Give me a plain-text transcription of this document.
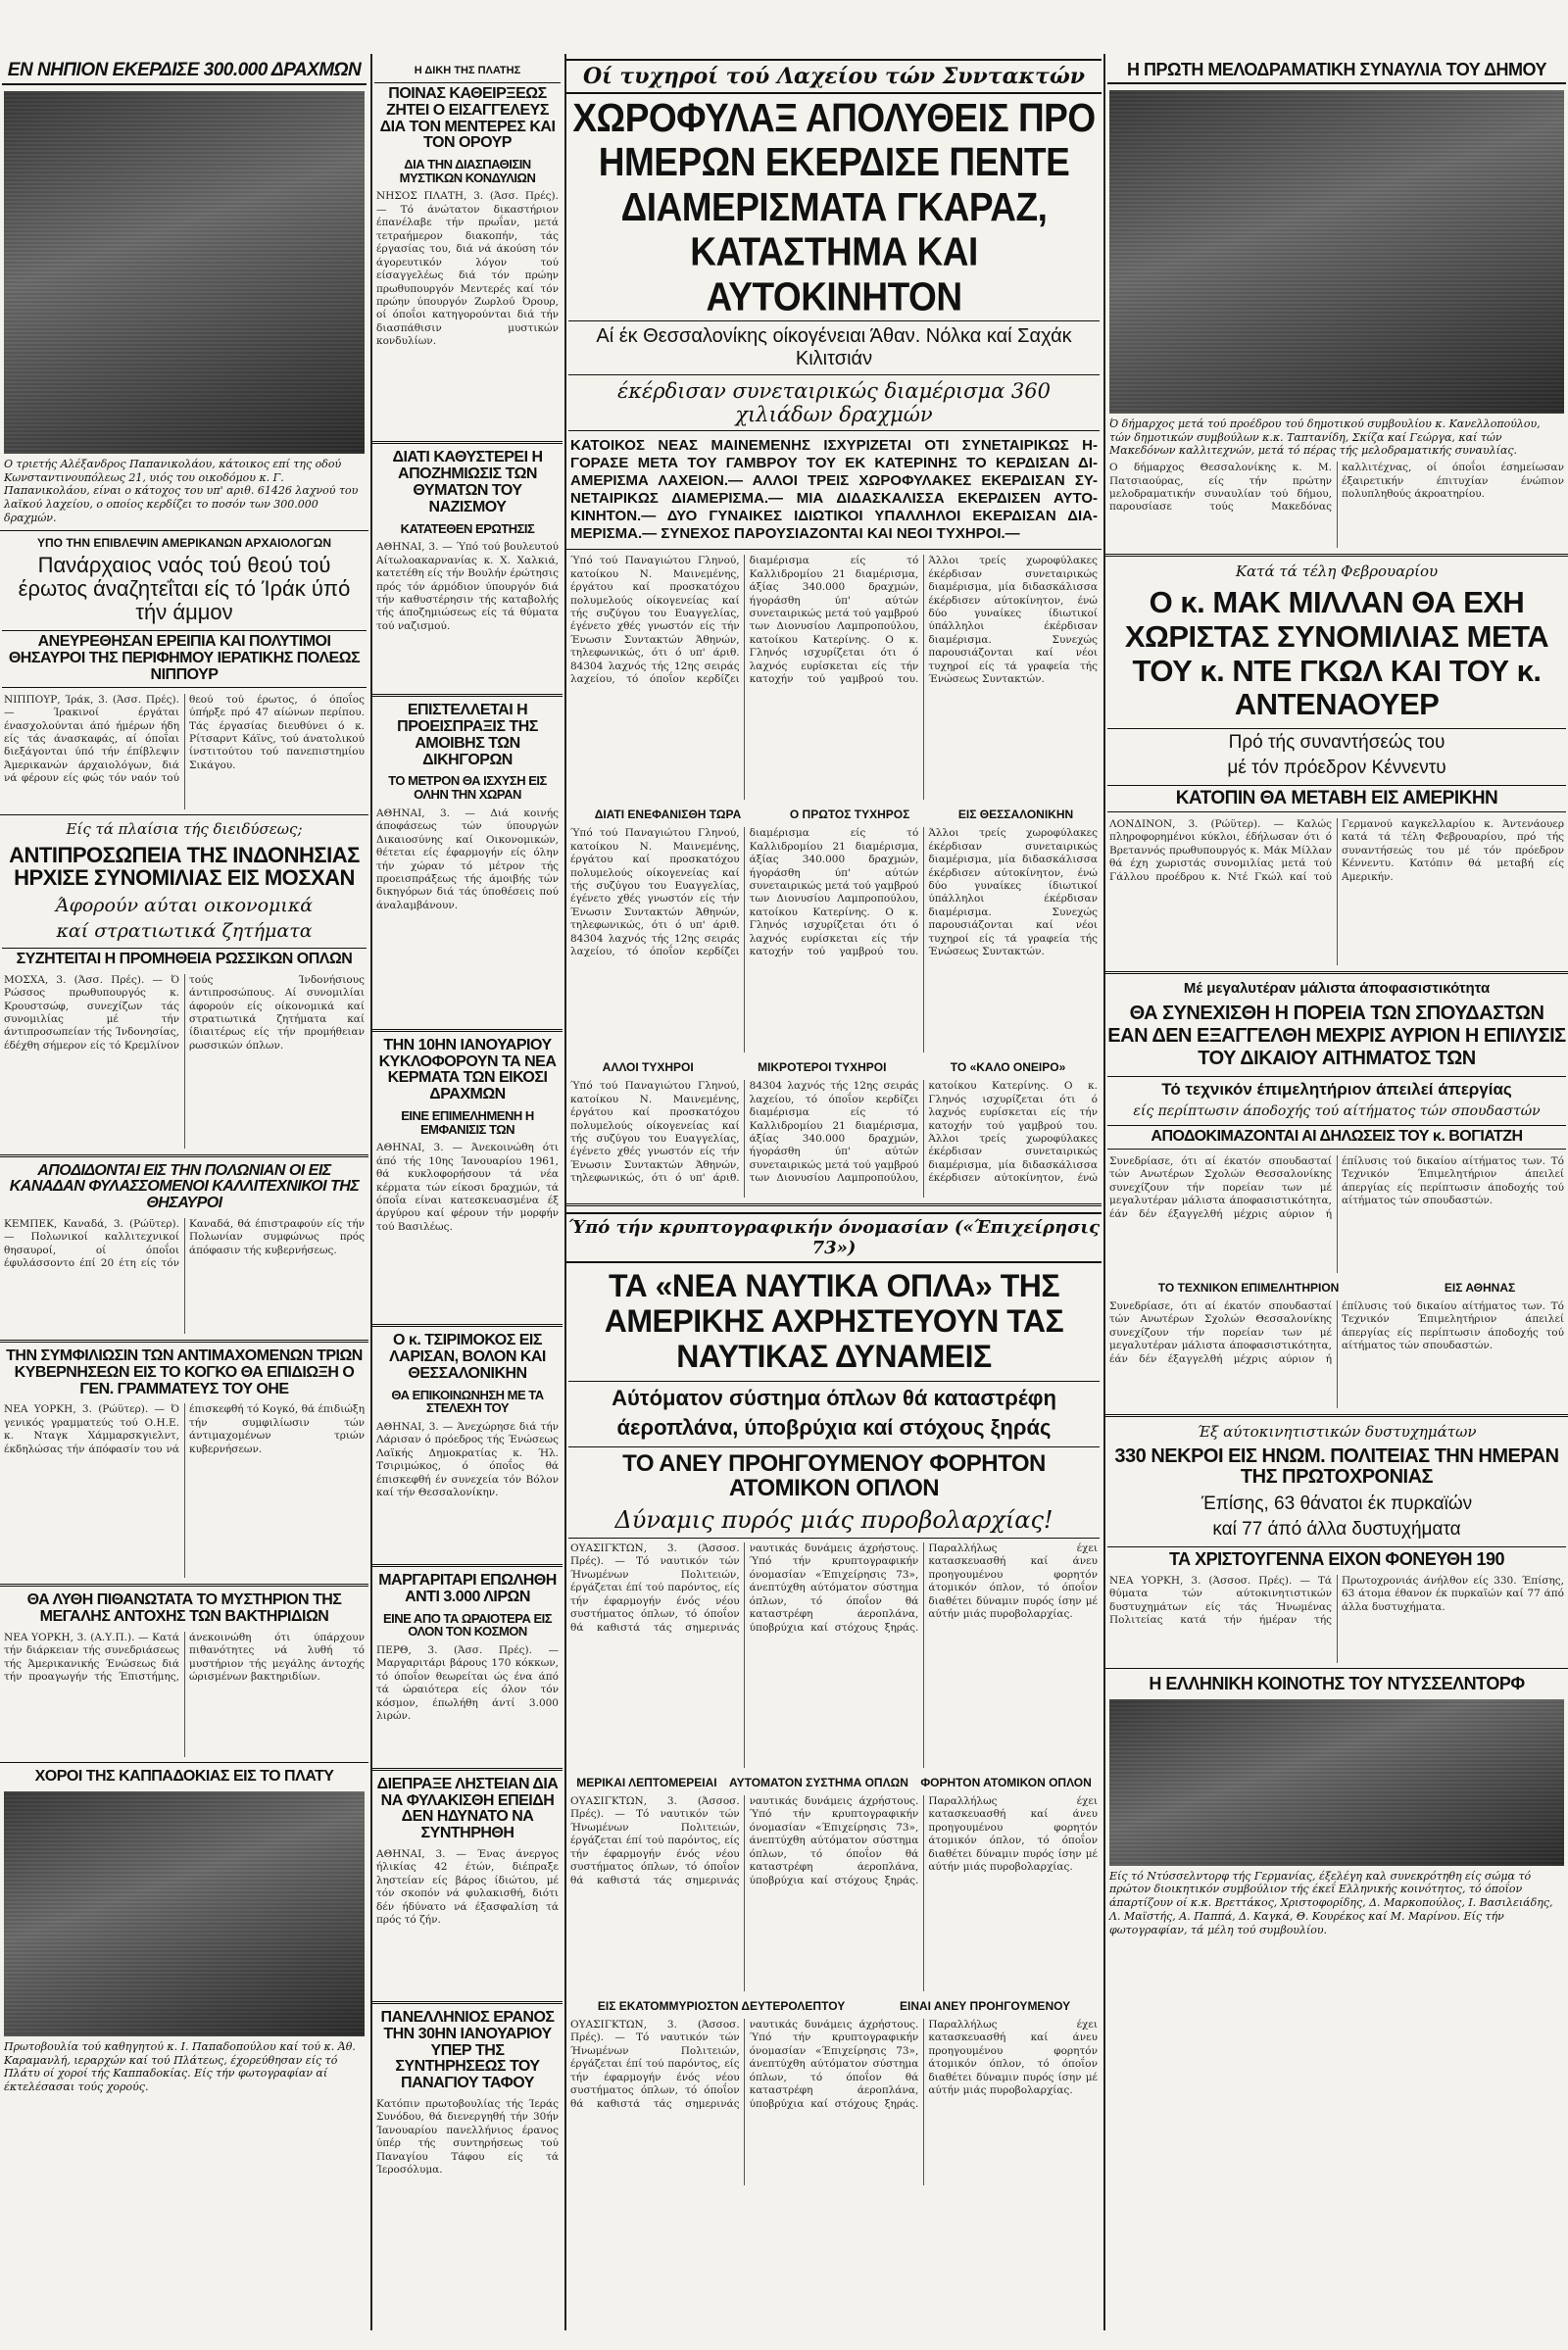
ΕΝ ΝΗΠΙΟΝ ΕΚΕΡΔΙΣΕ 300.000 ΔΡΑΧΜΩΝ
Ο τριετής Αλέξανδρος Παπανικολάου, κάτοικος επί της οδού Κωνσταντινουπόλεως 21, υιός του οικοδόμου κ. Γ. Παπανικολάου, είναι ο κάτοχος του υπ' αριθ. 61426 λαχνού του λαϊκού λαχείου, ο οποίος κερδίζει το ποσόν των 300.000 δραχμών.
ΥΠΟ ΤΗΝ ΕΠΙΒΛΕΨΙΝ ΑΜΕΡΙΚΑΝΩΝ ΑΡΧΑΙΟΛΟΓΩΝ
Πανάρχαιος ναός τού θεού τού έρωτος άναζητεΐται είς τό Ίράκ ύπό τήν άμμον
ΑΝΕΥΡΕΘΗΣΑΝ ΕΡΕΙΠΙΑ ΚΑΙ ΠΟΛΥΤΙΜΟΙ ΘΗΣΑΥΡΟΙ ΤΗΣ ΠΕΡΙΦΗΜΟΥ ΙΕΡΑΤΙΚΗΣ ΠΟΛΕΩΣ ΝΙΠΠΟΥΡ
ΝΙΠΠΟΥΡ, Ίράκ, 3. (Άσσ. Πρές). — Ίρακινοί έργάται ένασχολούνται άπό ήμέρων ήδη είς τάς άνασκαφάς, αί όποΐαι διεξάγονται ύπό τήν έπίβλεψιν Άμερικανών άρχαιολόγων, διά νά φέρουν είς φώς τόν ναόν τού θεού τού έρωτος, ό όποΐος ύπήρξε πρό 47 αίώνων περίπου. Τάς έργασίας διευθύνει ό κ. Ρίτσαρντ Κάϊνς, τού άνατολικού ίνστιτούτου τού πανεπιστημίου Σικάγου.
Είς τά πλαίσια τής διειδύσεως;
ΑΝΤΙΠΡΟΣΩΠΕΙΑ ΤΗΣ ΙΝΔΟΝΗΣΙΑΣ ΗΡΧΙΣΕ ΣΥΝΟΜΙΛΙΑΣ ΕΙΣ ΜΟΣΧΑΝ
Άφορούν αύται οικονομικά
καί στρατιωτικά ζητήματα
ΣΥΖΗΤΕΙΤΑΙ Η ΠΡΟΜΗΘΕΙΑ ΡΩΣΣΙΚΩΝ ΟΠΛΩΝ
ΜΟΣΧΑ, 3. (Άσσ. Πρές). — Ό Ρώσσος πρωθυπουργός κ. Κρουστσώφ, συνεχίζων τάς συνομιλίας μέ τήν άντιπροσωπείαν τής Ίνδονησίας, έδέχθη σήμερον είς τό Κρεμλίνον τούς Ίνδονήσιους άντιπροσώπους. Αί συνομιλίαι άφορούν είς οίκονομικά καί στρατιωτικά ζητήματα καί ίδιαιτέρως είς τήν προμήθειαν ρωσσικών όπλων.
ΑΠΟΔΙΔΟΝΤΑΙ ΕΙΣ ΤΗΝ ΠΟΛΩΝΙΑΝ ΟΙ ΕΙΣ ΚΑΝΑΔΑΝ ΦΥΛΑΣΣΟΜΕΝΟΙ ΚΑΛΛΙΤΕΧΝΙΚΟΙ ΤΗΣ ΘΗΣΑΥΡΟΙ
ΚΕΜΠΕΚ, Καναδά, 3. (Ρώϋτερ). — Πολωνικοί καλλιτεχνικοί θησαυροί, οί όποΐοι έφυλάσσοντο έπί 20 έτη είς τόν Καναδά, θά έπιστραφούν είς τήν Πολωνίαν συμφώνως πρός άπόφασιν τής κυβερνήσεως.
ΤΗΝ ΣΥΜΦΙΛΙΩΣΙΝ ΤΩΝ ΑΝΤΙΜΑΧΟΜΕΝΩΝ ΤΡΙΩΝ ΚΥΒΕΡΝΗΣΕΩΝ ΕΙΣ ΤΟ ΚΟΓΚΟ ΘΑ ΕΠΙΔΙΩΞΗ Ο ΓΕΝ. ΓΡΑΜΜΑΤΕΥΣ ΤΟΥ ΟΗΕ
ΝΕΑ ΥΟΡΚΗ, 3. (Ρώϋτερ). — Ό γενικός γραμματεύς τού Ο.Η.Ε. κ. Νταγκ Χάμμαρσκγιελντ, έκδηλώσας τήν άπόφασίν του νά έπισκεφθή τό Κογκό, θά έπιδιώξη τήν συμφιλίωσιν τών άντιμαχομένων τριών κυβερνήσεων.
ΘΑ ΛΥΘΗ ΠΙΘΑΝΩΤΑΤΑ ΤΟ ΜΥΣΤΗΡΙΟΝ ΤΗΣ ΜΕΓΑΛΗΣ ΑΝΤΟΧΗΣ ΤΩΝ ΒΑΚΤΗΡΙΔΙΩΝ
ΝΕΑ ΥΟΡΚΗ, 3. (Α.Υ.Π.). — Κατά τήν διάρκειαν τής συνεδριάσεως τής Άμερικανικής Ένώσεως διά τήν προαγωγήν τής Έπιστήμης, άνεκοινώθη ότι ύπάρχουν πιθανότητες νά λυθή τό μυστήριον τής μεγάλης άντοχής ώρισμένων βακτηριδίων.
ΧΟΡΟΙ ΤΗΣ ΚΑΠΠΑΔΟΚΙΑΣ ΕΙΣ ΤΟ ΠΛΑΤΥ
Πρωτοβουλία τού καθηγητού κ. Ι. Παπαδοπούλου καί τού κ. Άθ. Καραμανλή, ιεραρχών καί τού Πλάτεως, έχορεύθησαν είς τό Πλάτυ οί χοροί τής Καππαδοκίας. Είς τήν φωτογραφίαν αί έκτελέσασαι τούς χορούς.
Η ΔΙΚΗ ΤΗΣ ΠΛΑΤΗΣ
ΠΟΙΝΑΣ ΚΑΘΕΙΡΞΕΩΣ ΖΗΤΕΙ Ο ΕΙΣΑΓΓΕΛΕΥΣ ΔΙΑ ΤΟΝ ΜΕΝΤΕΡΕΣ ΚΑΙ ΤΟΝ ΟΡΟΥΡ
ΔΙΑ ΤΗΝ ΔΙΑΣΠΑΘΙΣΙΝ ΜΥΣΤΙΚΩΝ ΚΟΝΔΥΛΙΩΝ
ΝΗΣΟΣ ΠΛΑΤΗ, 3. (Άσσ. Πρές). — Τό άνώτατον δικαστήριον έπανέλαβε τήν πρωΐαν, μετά τετραήμερον διακοπήν, τάς έργασίας του, διά νά άκούση τόν άγορευτικόν λόγον τού είσαγγελέως διά τόν πρώην πρωθυπουργόν Μεντερές καί τόν πρώην ύπουργόν Ζωρλού Όρουρ, οί όποΐοι κατηγορούνται διά τήν διασπάθισιν μυστικών κονδυλίων.
ΔΙΑΤΙ ΚΑΘΥΣΤΕΡΕΙ Η ΑΠΟΖΗΜΙΩΣΙΣ ΤΩΝ ΘΥΜΑΤΩΝ ΤΟΥ ΝΑΖΙΣΜΟΥ
ΚΑΤΑΤΕΘΕΝ ΕΡΩΤΗΣΙΣ
ΑΘΗΝΑΙ, 3. — Ύπό τού βουλευτού Αίτωλοακαρνανίας κ. Χ. Χαλκιά, κατετέθη είς τήν Βουλήν έρώτησις πρός τόν άρμόδιον ύπουργόν διά τήν καθυστέρησιν τής καταβολής τής άποζημιώσεως είς τά θύματα τού ναζισμού.
ΕΠΙΣΤΕΛΛΕΤΑΙ Η ΠΡΟΕΙΣΠΡΑΞΙΣ ΤΗΣ ΑΜΟΙΒΗΣ ΤΩΝ ΔΙΚΗΓΟΡΩΝ
ΤΟ ΜΕΤΡΟΝ ΘΑ ΙΣΧΥΣΗ ΕΙΣ ΟΛΗΝ ΤΗΝ ΧΩΡΑΝ
ΑΘΗΝΑΙ, 3. — Διά κοινής άποφάσεως τών ύπουργών Δικαιοσύνης καί Οικονομικών, θέτεται είς έφαρμογήν είς όλην τήν χώραν τό μέτρον τής προεισπράξεως τής άμοιβής τών δικηγόρων διά τάς ύποθέσεις πού άναλαμβάνουν.
ΤΗΝ 10ΗΝ ΙΑΝΟΥΑΡΙΟΥ ΚΥΚΛΟΦΟΡΟΥΝ ΤΑ ΝΕΑ ΚΕΡΜΑΤΑ ΤΩΝ ΕΙΚΟΣΙ ΔΡΑΧΜΩΝ
ΕΙΝΕ ΕΠΙΜΕΛΗΜΕΝΗ Η ΕΜΦΑΝΙΣΙΣ ΤΩΝ
ΑΘΗΝΑΙ, 3. — Άνεκοινώθη ότι άπό τής 10ης Ίανουαρίου 1961, θά κυκλοφορήσουν τά νέα κέρματα τών είκοσι δραχμών, τά όποΐα είναι κατεσκευασμένα έξ άργύρου καί φέρουν τήν μορφήν τού Βασιλέως.
Ο κ. ΤΣΙΡΙΜΟΚΟΣ ΕΙΣ ΛΑΡΙΣΑΝ, ΒΟΛΟΝ ΚΑΙ ΘΕΣΣΑΛΟΝΙΚΗΝ
ΘΑ ΕΠΙΚΟΙΝΩΝΗΣΗ ΜΕ ΤΑ ΣΤΕΛΕΧΗ ΤΟΥ
ΑΘΗΝΑΙ, 3. — Άνεχώρησε διά τήν Λάρισαν ό πρόεδρος τής Ένώσεως Λαϊκής Δημοκρατίας κ. Ήλ. Τσιριμώκος, ό όποΐος θά έπισκεφθή έν συνεχεία τόν Βόλον καί τήν Θεσσαλονίκην.
ΜΑΡΓΑΡΙΤΑΡΙ ΕΠΩΛΗΘΗ ΑΝΤΙ 3.000 ΛΙΡΩΝ
ΕΙΝΕ ΑΠΟ ΤΑ ΩΡΑΙΟΤΕΡΑ ΕΙΣ ΟΛΟΝ ΤΟΝ ΚΟΣΜΟΝ
ΠΕΡΘ, 3. (Άσσ. Πρές). — Μαργαριτάρι βάρους 170 κόκκων, τό όποΐον θεωρείται ώς ένα άπό τά ώραιότερα είς όλον τόν κόσμον, έπωλήθη άντί 3.000 λιρών.
ΔΙΕΠΡΑΞΕ ΛΗΣΤΕΙΑΝ ΔΙΑ ΝΑ ΦΥΛΑΚΙΣΘΗ ΕΠΕΙΔΗ ΔΕΝ ΗΔΥΝΑΤΟ ΝΑ ΣΥΝΤΗΡΗΘΗ
ΑΘΗΝΑΙ, 3. — Ένας άνεργος ήλικίας 42 έτών, διέπραξε ληστείαν είς βάρος ίδιώτου, μέ τόν σκοπόν νά φυλακισθή, διότι δέν ήδύνατο νά έξασφαλίση τά πρός τό ζήν.
ΠΑΝΕΛΛΗΝΙΟΣ ΕΡΑΝΟΣ ΤΗΝ 30ΗΝ ΙΑΝΟΥΑΡΙΟΥ ΥΠΕΡ ΤΗΣ ΣΥΝΤΗΡΗΣΕΩΣ ΤΟΥ ΠΑΝΑΓΙΟΥ ΤΑΦΟΥ
Κατόπιν πρωτοβουλίας τής Ίεράς Συνόδου, θά διενεργηθή τήν 30ήν Ίανουαρίου πανελλήνιος έρανος ύπέρ τής συντηρήσεως τού Παναγίου Τάφου είς τά Ίεροσόλυμα.
Οί τυχηροί τού Λαχείου τών Συντακτών
ΧΩΡΟΦΥΛΑΞ ΑΠΟΛΥΘΕΙΣ ΠΡΟ ΗΜΕΡΩΝ ΕΚΕΡΔΙΣΕ ΠΕΝΤΕ ΔΙΑΜΕΡΙΣΜΑΤΑ ΓΚΑΡΑΖ, ΚΑΤΑΣΤΗΜΑ ΚΑΙ ΑΥΤΟΚΙΝΗΤΟΝ
Αί έκ Θεσσαλονίκης οίκογένειαι Άθαν. Νόλκα καί Σαχάκ Κιλιτσιάν
έκέρδισαν συνεταιρικώς διαμέρισμα 360 χιλιάδων δραχμών
ΚΑΤΟΙΚΟΣ ΝΕΑΣ ΜΑΙΝΕΜΕΝΗΣ ΙΣΧΥΡΙΖΕΤΑΙ ΟΤΙ ΣΥΝΕΤΑΙΡΙΚΩΣ Η-ΓΟΡΑΣΕ ΜΕΤΑ ΤΟΥ ΓΑΜΒΡΟΥ ΤΟΥ ΕΚ ΚΑΤΕΡΙΝΗΣ ΤΟ ΚΕΡΔΙΣΑΝ ΔΙ-ΑΜΕΡΙΣΜΑ ΛΑΧΕΙΟΝ.— ΑΛΛΟΙ ΤΡΕΙΣ ΧΩΡΟΦΥΛΑΚΕΣ ΕΚΕΡΔΙΣΑΝ ΣΥ-ΝΕΤΑΙΡΙΚΩΣ ΔΙΑΜΕΡΙΣΜΑ.— ΜΙΑ ΔΙΔΑΣΚΑΛΙΣΣΑ ΕΚΕΡΔΙΣΕΝ ΑΥΤΟ-ΚΙΝΗΤΟΝ.— ΔΥΟ ΓΥΝΑΙΚΕΣ ΙΔΙΩΤΙΚΟΙ ΥΠΑΛΛΗΛΟΙ ΕΚΕΡΔΙΣΑΝ ΔΙΑ-ΜΕΡΙΣΜΑ.— ΣΥΝΕΧΟΣ ΠΑΡΟΥΣΙΑΖΟΝΤΑΙ ΚΑΙ ΝΕΟΙ ΤΥΧΗΡΟΙ.—
Ύπό τού Παναγιώτου Γληνού, κατοίκου Ν. Μαινεμένης, έργάτου καί προσκατόχου πολυμελούς οίκογενείας καί τής συζύγου του Ευαγγελίας, έγένετο χθές γνωστόν είς τήν Ένωσιν Συντακτών Άθηνών, τηλεφωνικώς, ότι ό υπ' άριθ. 84304 λαχνός τής 12ης σειράς λαχείου, τό όποΐον κερδίζει διαμέρισμα είς τό Καλλιδρομίου 21 διαμέρισμα, άξίας 340.000 δραχμών, ήγοράσθη ύπ' αύτών συνεταιρικώς μετά τού γαμβρού των Διονυσίου Λαμπροπούλου, κατοίκου Κατερίνης. Ο κ. Γληνός ισχυρίζεται ότι ό λαχνός ευρίσκεται είς τήν κατοχήν τού γαμβρού του. Άλλοι τρείς χωροφύλακες έκέρδισαν συνεταιρικώς διαμέρισμα, μία διδασκάλισσα έκέρδισεν αύτοκίνητον, ένώ δύο γυναίκες ίδιωτικοί ύπάλληλοι έκέρδισαν διαμέρισμα. Συνεχώς παρουσιάζονται καί νέοι τυχηροί είς τά γραφεία τής Ένώσεως Συντακτών.
ΔΙΑΤΙ ΕΝΕΦΑΝΙΣΘΗ ΤΩΡΑ	Ο ΠΡΩΤΟΣ ΤΥΧΗΡΟΣ	ΕΙΣ ΘΕΣΣΑΛΟΝΙΚΗΝ
Ύπό τού Παναγιώτου Γληνού, κατοίκου Ν. Μαινεμένης, έργάτου καί προσκατόχου πολυμελούς οίκογενείας καί τής συζύγου του Ευαγγελίας, έγένετο χθές γνωστόν είς τήν Ένωσιν Συντακτών Άθηνών, τηλεφωνικώς, ότι ό υπ' άριθ. 84304 λαχνός τής 12ης σειράς λαχείου, τό όποΐον κερδίζει διαμέρισμα είς τό Καλλιδρομίου 21 διαμέρισμα, άξίας 340.000 δραχμών, ήγοράσθη ύπ' αύτών συνεταιρικώς μετά τού γαμβρού των Διονυσίου Λαμπροπούλου, κατοίκου Κατερίνης. Ο κ. Γληνός ισχυρίζεται ότι ό λαχνός ευρίσκεται είς τήν κατοχήν τού γαμβρού του. Άλλοι τρείς χωροφύλακες έκέρδισαν συνεταιρικώς διαμέρισμα, μία διδασκάλισσα έκέρδισεν αύτοκίνητον, ένώ δύο γυναίκες ίδιωτικοί ύπάλληλοι έκέρδισαν διαμέρισμα. Συνεχώς παρουσιάζονται καί νέοι τυχηροί είς τά γραφεία τής Ένώσεως Συντακτών.
ΑΛΛΟΙ ΤΥΧΗΡΟΙ	ΜΙΚΡΟΤΕΡΟΙ ΤΥΧΗΡΟΙ	ΤΟ «ΚΑΛΟ ΟΝΕΙΡΟ»
Ύπό τού Παναγιώτου Γληνού, κατοίκου Ν. Μαινεμένης, έργάτου καί προσκατόχου πολυμελούς οίκογενείας καί τής συζύγου του Ευαγγελίας, έγένετο χθές γνωστόν είς τήν Ένωσιν Συντακτών Άθηνών, τηλεφωνικώς, ότι ό υπ' άριθ. 84304 λαχνός τής 12ης σειράς λαχείου, τό όποΐον κερδίζει διαμέρισμα είς τό Καλλιδρομίου 21 διαμέρισμα, άξίας 340.000 δραχμών, ήγοράσθη ύπ' αύτών συνεταιρικώς μετά τού γαμβρού των Διονυσίου Λαμπροπούλου, κατοίκου Κατερίνης. Ο κ. Γληνός ισχυρίζεται ότι ό λαχνός ευρίσκεται είς τήν κατοχήν τού γαμβρού του. Άλλοι τρείς χωροφύλακες έκέρδισαν συνεταιρικώς διαμέρισμα, μία διδασκάλισσα έκέρδισεν αύτοκίνητον, ένώ
Ύπό τήν κρυπτογραφικήν όνομασίαν («Έπιχείρησις 73»)
ΤΑ «ΝΕΑ ΝΑΥΤΙΚΑ ΟΠΛΑ» ΤΗΣ ΑΜΕΡΙΚΗΣ ΑΧΡΗΣΤΕΥΟΥΝ ΤΑΣ ΝΑΥΤΙΚΑΣ ΔΥΝΑΜΕΙΣ
Αύτόματον σύστημα όπλων θά καταστρέφη
άεροπλάνα, ύποβρύχια καί στόχους ξηράς
ΤΟ ΑΝΕΥ ΠΡΟΗΓΟΥΜΕΝΟΥ ΦΟΡΗΤΟΝ ΑΤΟΜΙΚΟΝ ΟΠΛΟΝ
Δύναμις πυρός μιάς πυροβολαρχίας!
ΟΥΑΣΙΓΚΤΩΝ, 3. (Άσσοσ. Πρές). — Τό ναυτικόν τών Ήνωμένων Πολιτειών, έργάζεται έπί τού παρόντος, είς τήν έφαρμογήν ένός νέου συστήματος όπλων, τό όποΐον θά καθιστά τάς σημερινάς ναυτικάς δυνάμεις άχρήστους. Ύπό τήν κρυπτογραφικήν όνομασίαν «Έπιχείρησις 73», άνεπτύχθη αύτόματον σύστημα όπλων, τό όποΐον θά καταστρέφη άεροπλάνα, ύποβρύχια καί στόχους ξηράς. Παραλλήλως έχει κατασκευασθή καί άνευ προηγουμένου φορητόν άτομικόν όπλον, τό όποΐον διαθέτει δύναμιν πυρός ίσην μέ αύτήν μιάς πυροβολαρχίας.
ΜΕΡΙΚΑΙ ΛΕΠΤΟΜΕΡΕΙΑΙ ΑΥΤΟΜΑΤΟΝ ΣΥΣΤΗΜΑ ΟΠΛΩΝ ΦΟΡΗΤΟΝ ΑΤΟΜΙΚΟΝ ΟΠΛΟΝ
ΟΥΑΣΙΓΚΤΩΝ, 3. (Άσσοσ. Πρές). — Τό ναυτικόν τών Ήνωμένων Πολιτειών, έργάζεται έπί τού παρόντος, είς τήν έφαρμογήν ένός νέου συστήματος όπλων, τό όποΐον θά καθιστά τάς σημερινάς ναυτικάς δυνάμεις άχρήστους. Ύπό τήν κρυπτογραφικήν όνομασίαν «Έπιχείρησις 73», άνεπτύχθη αύτόματον σύστημα όπλων, τό όποΐον θά καταστρέφη άεροπλάνα, ύποβρύχια καί στόχους ξηράς. Παραλλήλως έχει κατασκευασθή καί άνευ προηγουμένου φορητόν άτομικόν όπλον, τό όποΐον διαθέτει δύναμιν πυρός ίσην μέ αύτήν μιάς πυροβολαρχίας.
ΕΙΣ ΕΚΑΤΟΜΜΥΡΙΟΣΤΟΝ ΔΕΥΤΕΡΟΛΕΠΤΟΥ	ΕΙΝΑΙ ΑΝΕΥ ΠΡΟΗΓΟΥΜΕΝΟΥ
ΟΥΑΣΙΓΚΤΩΝ, 3. (Άσσοσ. Πρές). — Τό ναυτικόν τών Ήνωμένων Πολιτειών, έργάζεται έπί τού παρόντος, είς τήν έφαρμογήν ένός νέου συστήματος όπλων, τό όποΐον θά καθιστά τάς σημερινάς ναυτικάς δυνάμεις άχρήστους. Ύπό τήν κρυπτογραφικήν όνομασίαν «Έπιχείρησις 73», άνεπτύχθη αύτόματον σύστημα όπλων, τό όποΐον θά καταστρέφη άεροπλάνα, ύποβρύχια καί στόχους ξηράς. Παραλλήλως έχει κατασκευασθή καί άνευ προηγουμένου φορητόν άτομικόν όπλον, τό όποΐον διαθέτει δύναμιν πυρός ίσην μέ αύτήν μιάς πυροβολαρχίας.
Η ΠΡΩΤΗ ΜΕΛΟΔΡΑΜΑΤΙΚΗ ΣΥΝΑΥΛΙΑ ΤΟΥ ΔΗΜΟΥ
Ό δήμαρχος μετά τού προέδρου τού δημοτικού συμβουλίου κ. Κανελλοπούλου, τών δημοτικών συμβούλων κ.κ. Ταπτανίδη, Σκίζα καί Γεώργα, καί τών Μακεδόνων καλλιτεχνών, μετά τό πέρας τής μελοδραματικής συναυλίας.
Ο δήμαρχος Θεσσαλονίκης κ. Μ. Πατσιαούρας, είς τήν πρώτην μελοδραματικήν συναυλίαν τού δήμου, παρουσίασε τούς Μακεδόνας καλλιτέχνας, οί όποΐοι έσημείωσαν έξαιρετικήν έπιτυχίαν ένώπιον πολυπληθούς άκροατηρίου.
Κατά τά τέλη Φεβρουαρίου
Ο κ. ΜΑΚ ΜΙΛΛΑΝ ΘΑ ΕΧΗ ΧΩΡΙΣΤΑΣ ΣΥΝΟΜΙΛΙΑΣ ΜΕΤΑ ΤΟΥ κ. ΝΤΕ ΓΚΩΛ ΚΑΙ ΤΟΥ κ. ΑΝΤΕΝΑΟΥΕΡ
Πρό τής συναντήσεώς του
μέ τόν πρόεδρον Κέννεντυ
ΚΑΤΟΠΙΝ ΘΑ ΜΕΤΑΒΗ ΕΙΣ ΑΜΕΡΙΚΗΝ
ΛΟΝΔΙΝΟΝ, 3. (Ρώϋτερ). — Καλώς πληροφορημένοι κύκλοι, έδήλωσαν ότι ό Βρεταννός πρωθυπουργός κ. Μάκ Μίλλαν θά έχη χωριστάς συνομιλίας μετά τού Γάλλου προέδρου κ. Ντέ Γκώλ καί τού Γερμανού καγκελλαρίου κ. Άντενάουερ κατά τά τέλη Φεβρουαρίου, πρό τής συναντήσεώς του μέ τόν πρόεδρον Κέννεντυ. Κατόπιν θά μεταβή είς Αμερικήν.
Μέ μεγαλυτέραν μάλιστα άποφασιστικότητα
ΘΑ ΣΥΝΕΧΙΣΘΗ Η ΠΟΡΕΙΑ ΤΩΝ ΣΠΟΥΔΑΣΤΩΝ ΕΑΝ ΔΕΝ ΕΞΑΓΓΕΛΘΗ ΜΕΧΡΙΣ ΑΥΡΙΟΝ Η ΕΠΙΛΥΣΙΣ ΤΟΥ ΔΙΚΑΙΟΥ ΑΙΤΗΜΑΤΟΣ ΤΩΝ
Τό τεχνικόν έπιμελητήριον άπειλεί άπεργίας
είς περίπτωσιν άποδοχής τού αίτήματος τών σπουδαστών
ΑΠΟΔΟΚΙΜΑΖΟΝΤΑΙ ΑΙ ΔΗΛΩΣΕΙΣ ΤΟΥ κ. ΒΟΓΙΑΤΖΗ
Συνεδρίασε, ότι αί έκατόν σπουδασταί τών Ανωτέρων Σχολών Θεσσαλονίκης συνεχίζουν τήν πορείαν των μέ μεγαλυτέραν μάλιστα άποφασιστικότητα, έάν δέν έξαγγελθή μέχρις αύριον ή έπίλυσις τού δικαίου αίτήματος των. Τό Τεχνικόν Έπιμελητήριον άπειλεί άπεργίας είς περίπτωσιν άποδοχής τού αίτήματος τών σπουδαστών.
ΤΟ ΤΕΧΝΙΚΟΝ ΕΠΙΜΕΛΗΤΗΡΙΟΝ	ΕΙΣ ΑΘΗΝΑΣ
Συνεδρίασε, ότι αί έκατόν σπουδασταί τών Ανωτέρων Σχολών Θεσσαλονίκης συνεχίζουν τήν πορείαν των μέ μεγαλυτέραν μάλιστα άποφασιστικότητα, έάν δέν έξαγγελθή μέχρις αύριον ή έπίλυσις τού δικαίου αίτήματος των. Τό Τεχνικόν Έπιμελητήριον άπειλεί άπεργίας είς περίπτωσιν άποδοχής τού αίτήματος τών σπουδαστών.
Έξ αύτοκινητιστικών δυστυχημάτων
330 ΝΕΚΡΟΙ ΕΙΣ ΗΝΩΜ. ΠΟΛΙΤΕΙΑΣ ΤΗΝ ΗΜΕΡΑΝ ΤΗΣ ΠΡΩΤΟΧΡΟΝΙΑΣ
Έπίσης, 63 θάνατοι έκ πυρκαϊών
καί 77 άπό άλλα δυστυχήματα
ΤΑ ΧΡΙΣΤΟΥΓΕΝΝΑ ΕΙΧΟΝ ΦΟΝΕΥΘΗ 190
ΝΕΑ ΥΟΡΚΗ, 3. (Άσσοσ. Πρές). — Τά θύματα τών αύτοκινητιστικών δυστυχημάτων είς τάς Ήνωμένας Πολιτείας κατά τήν ήμέραν τής Πρωτοχρονιάς άνήλθον είς 330. Έπίσης, 63 άτομα έθανον έκ πυρκαϊών καί 77 άπό άλλα δυστυχήματα.
Η ΕΛΛΗΝΙΚΗ ΚΟΙΝΟΤΗΣ ΤΟΥ ΝΤΥΣΣΕΛΝΤΟΡΦ
Είς τό Ντύσσελντορφ τής Γερμανίας, έξελέγη καλ συνεκρότηθη είς σώμα τό πρώτον διοικητικόν συμβούλιον τής έκεΐ Ελληνικής κοινότητος, τό όποΐον άπαρτίζουν οί κ.κ. Βρεττάκος, Χριστοφορίδης, Δ. Μαρκοπούλος, Ι. Βασιλειάδης, Λ. Μαϊστής, Α. Παππά, Δ. Καγκά, Θ. Κουρέκος καί Μ. Μαρίνου. Είς τήν φωτογραφίαν, τά μέλη τού συμβουλίου.
